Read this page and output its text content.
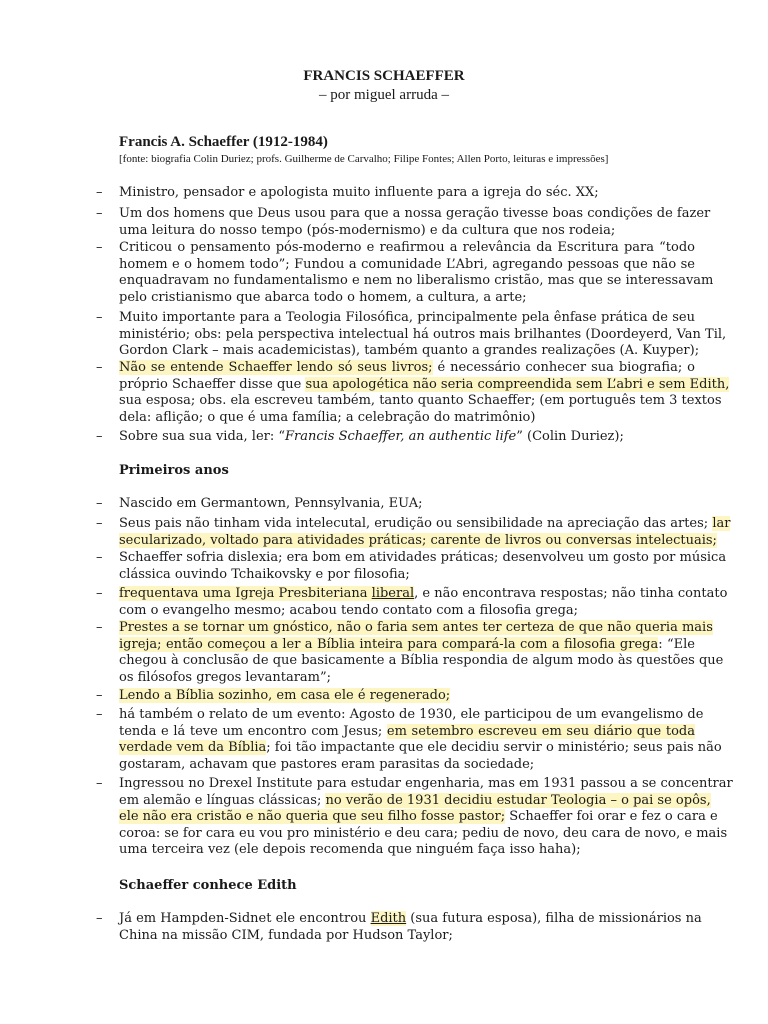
FRANCIS SCHAEFFER
– por miguel arruda –
Francis A. Schaeffer (1912-1984)
[fonte: biografia Colin Duriez; profs. Guilherme de Carvalho; Filipe Fontes; Allen Porto, leituras e impressões]
– Ministro, pensador e apologista muito influente para a igreja do séc. XX;
– Um dos homens que Deus usou para que a nossa geração tivesse boas condições de fazer
uma leitura do nosso tempo (pós-modernismo) e da cultura que nos rodeia;
– Criticou o pensamento pós-moderno e reafirmou a relevância da Escritura para “todo
homem e o homem todo”; Fundou a comunidade L’Abri, agregando pessoas que não se
enquadravam no fundamentalismo e nem no liberalismo cristão, mas que se interessavam
pelo cristianismo que abarca todo o homem, a cultura, a arte;
– Muito importante para a Teologia Filosófica, principalmente pela ênfase prática de seu
ministério; obs: pela perspectiva intelectual há outros mais brilhantes (Doordeyerd, Van Til,
Gordon Clark – mais academicistas), também quanto a grandes realizações (A. Kuyper);
– Não se entende Schaeffer lendo só seus livros; é necessário conhecer sua biografia; o
próprio Schaeffer disse que sua apologética não seria compreendida sem L’abri e sem Edith,
sua esposa; obs. ela escreveu também, tanto quanto Schaeffer; (em português tem 3 textos
dela: aflição; o que é uma família; a celebração do matrimônio)
– Sobre sua sua vida, ler: “Francis Schaeffer, an authentic life” (Colin Duriez);
Primeiros anos
– Nascido em Germantown, Pennsylvania, EUA;
– Seus pais não tinham vida intelecutal, erudição ou sensibilidade na apreciação das artes; lar
secularizado, voltado para atividades práticas; carente de livros ou conversas intelectuais;
– Schaeffer sofria dislexia; era bom em atividades práticas; desenvolveu um gosto por música
clássica ouvindo Tchaikovsky e por filosofia;
– frequentava uma Igreja Presbiteriana liberal, e não encontrava respostas; não tinha contato
com o evangelho mesmo; acabou tendo contato com a filosofia grega;
– Prestes a se tornar um gnóstico, não o faria sem antes ter certeza de que não queria mais
igreja; então começou a ler a Bíblia inteira para compará-la com a filosofia grega: “Ele
chegou à conclusão de que basicamente a Bíblia respondia de algum modo às questões que
os filósofos gregos levantaram”;
– Lendo a Bíblia sozinho, em casa ele é regenerado;
– há também o relato de um evento: Agosto de 1930, ele participou de um evangelismo de
tenda e lá teve um encontro com Jesus; em setembro escreveu em seu diário que toda
verdade vem da Bíblia; foi tão impactante que ele decidiu servir o ministério; seus pais não
gostaram, achavam que pastores eram parasitas da sociedade;
– Ingressou no Drexel Institute para estudar engenharia, mas em 1931 passou a se concentrar
em alemão e línguas clássicas; no verão de 1931 decidiu estudar Teologia – o pai se opôs,
ele não era cristão e não queria que seu filho fosse pastor; Schaeffer foi orar e fez o cara e
coroa: se for cara eu vou pro ministério e deu cara; pediu de novo, deu cara de novo, e mais
uma terceira vez (ele depois recomenda que ninguém faça isso haha);
Schaeffer conhece Edith
– Já em Hampden-Sidnet ele encontrou Edith (sua futura esposa), filha de missionários na
China na missão CIM, fundada por Hudson Taylor;
